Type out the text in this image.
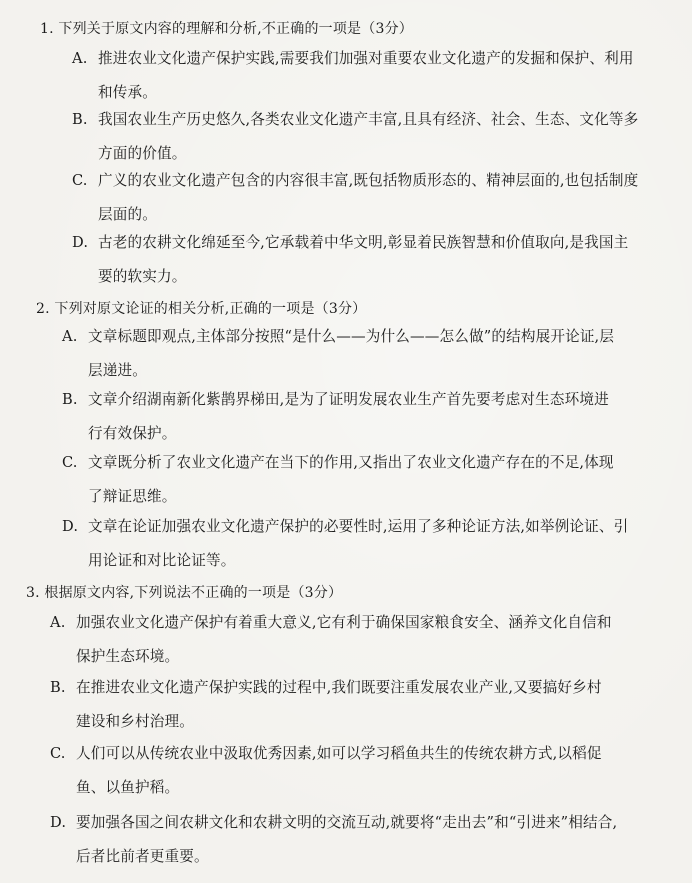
1. 下列关于原文内容的理解和分析,不正确的一项是（3分）
A. 推进农业文化遗产保护实践,需要我们加强对重要农业文化遗产的发掘和保护、利用
和传承。
B. 我国农业生产历史悠久,各类农业文化遗产丰富,且具有经济、社会、生态、文化等多
方面的价值。
C. 广义的农业文化遗产包含的内容很丰富,既包括物质形态的、精神层面的,也包括制度
层面的。
D. 古老的农耕文化绵延至今,它承载着中华文明,彰显着民族智慧和价值取向,是我国主
要的软实力。
2. 下列对原文论证的相关分析,正确的一项是（3分）
A. 文章标题即观点,主体部分按照“是什么——为什么——怎么做”的结构展开论证,层
层递进。
B. 文章介绍湖南新化紫鹊界梯田,是为了证明发展农业生产首先要考虑对生态环境进
行有效保护。
C. 文章既分析了农业文化遗产在当下的作用,又指出了农业文化遗产存在的不足,体现
了辩证思维。
D. 文章在论证加强农业文化遗产保护的必要性时,运用了多种论证方法,如举例论证、引
用论证和对比论证等。
3. 根据原文内容,下列说法不正确的一项是（3分）
A. 加强农业文化遗产保护有着重大意义,它有利于确保国家粮食安全、涵养文化自信和
保护生态环境。
B. 在推进农业文化遗产保护实践的过程中,我们既要注重发展农业产业,又要搞好乡村
建设和乡村治理。
C. 人们可以从传统农业中汲取优秀因素,如可以学习稻鱼共生的传统农耕方式,以稻促
鱼、以鱼护稻。
D. 要加强各国之间农耕文化和农耕文明的交流互动,就要将“走出去”和“引进来”相结合,
后者比前者更重要。
